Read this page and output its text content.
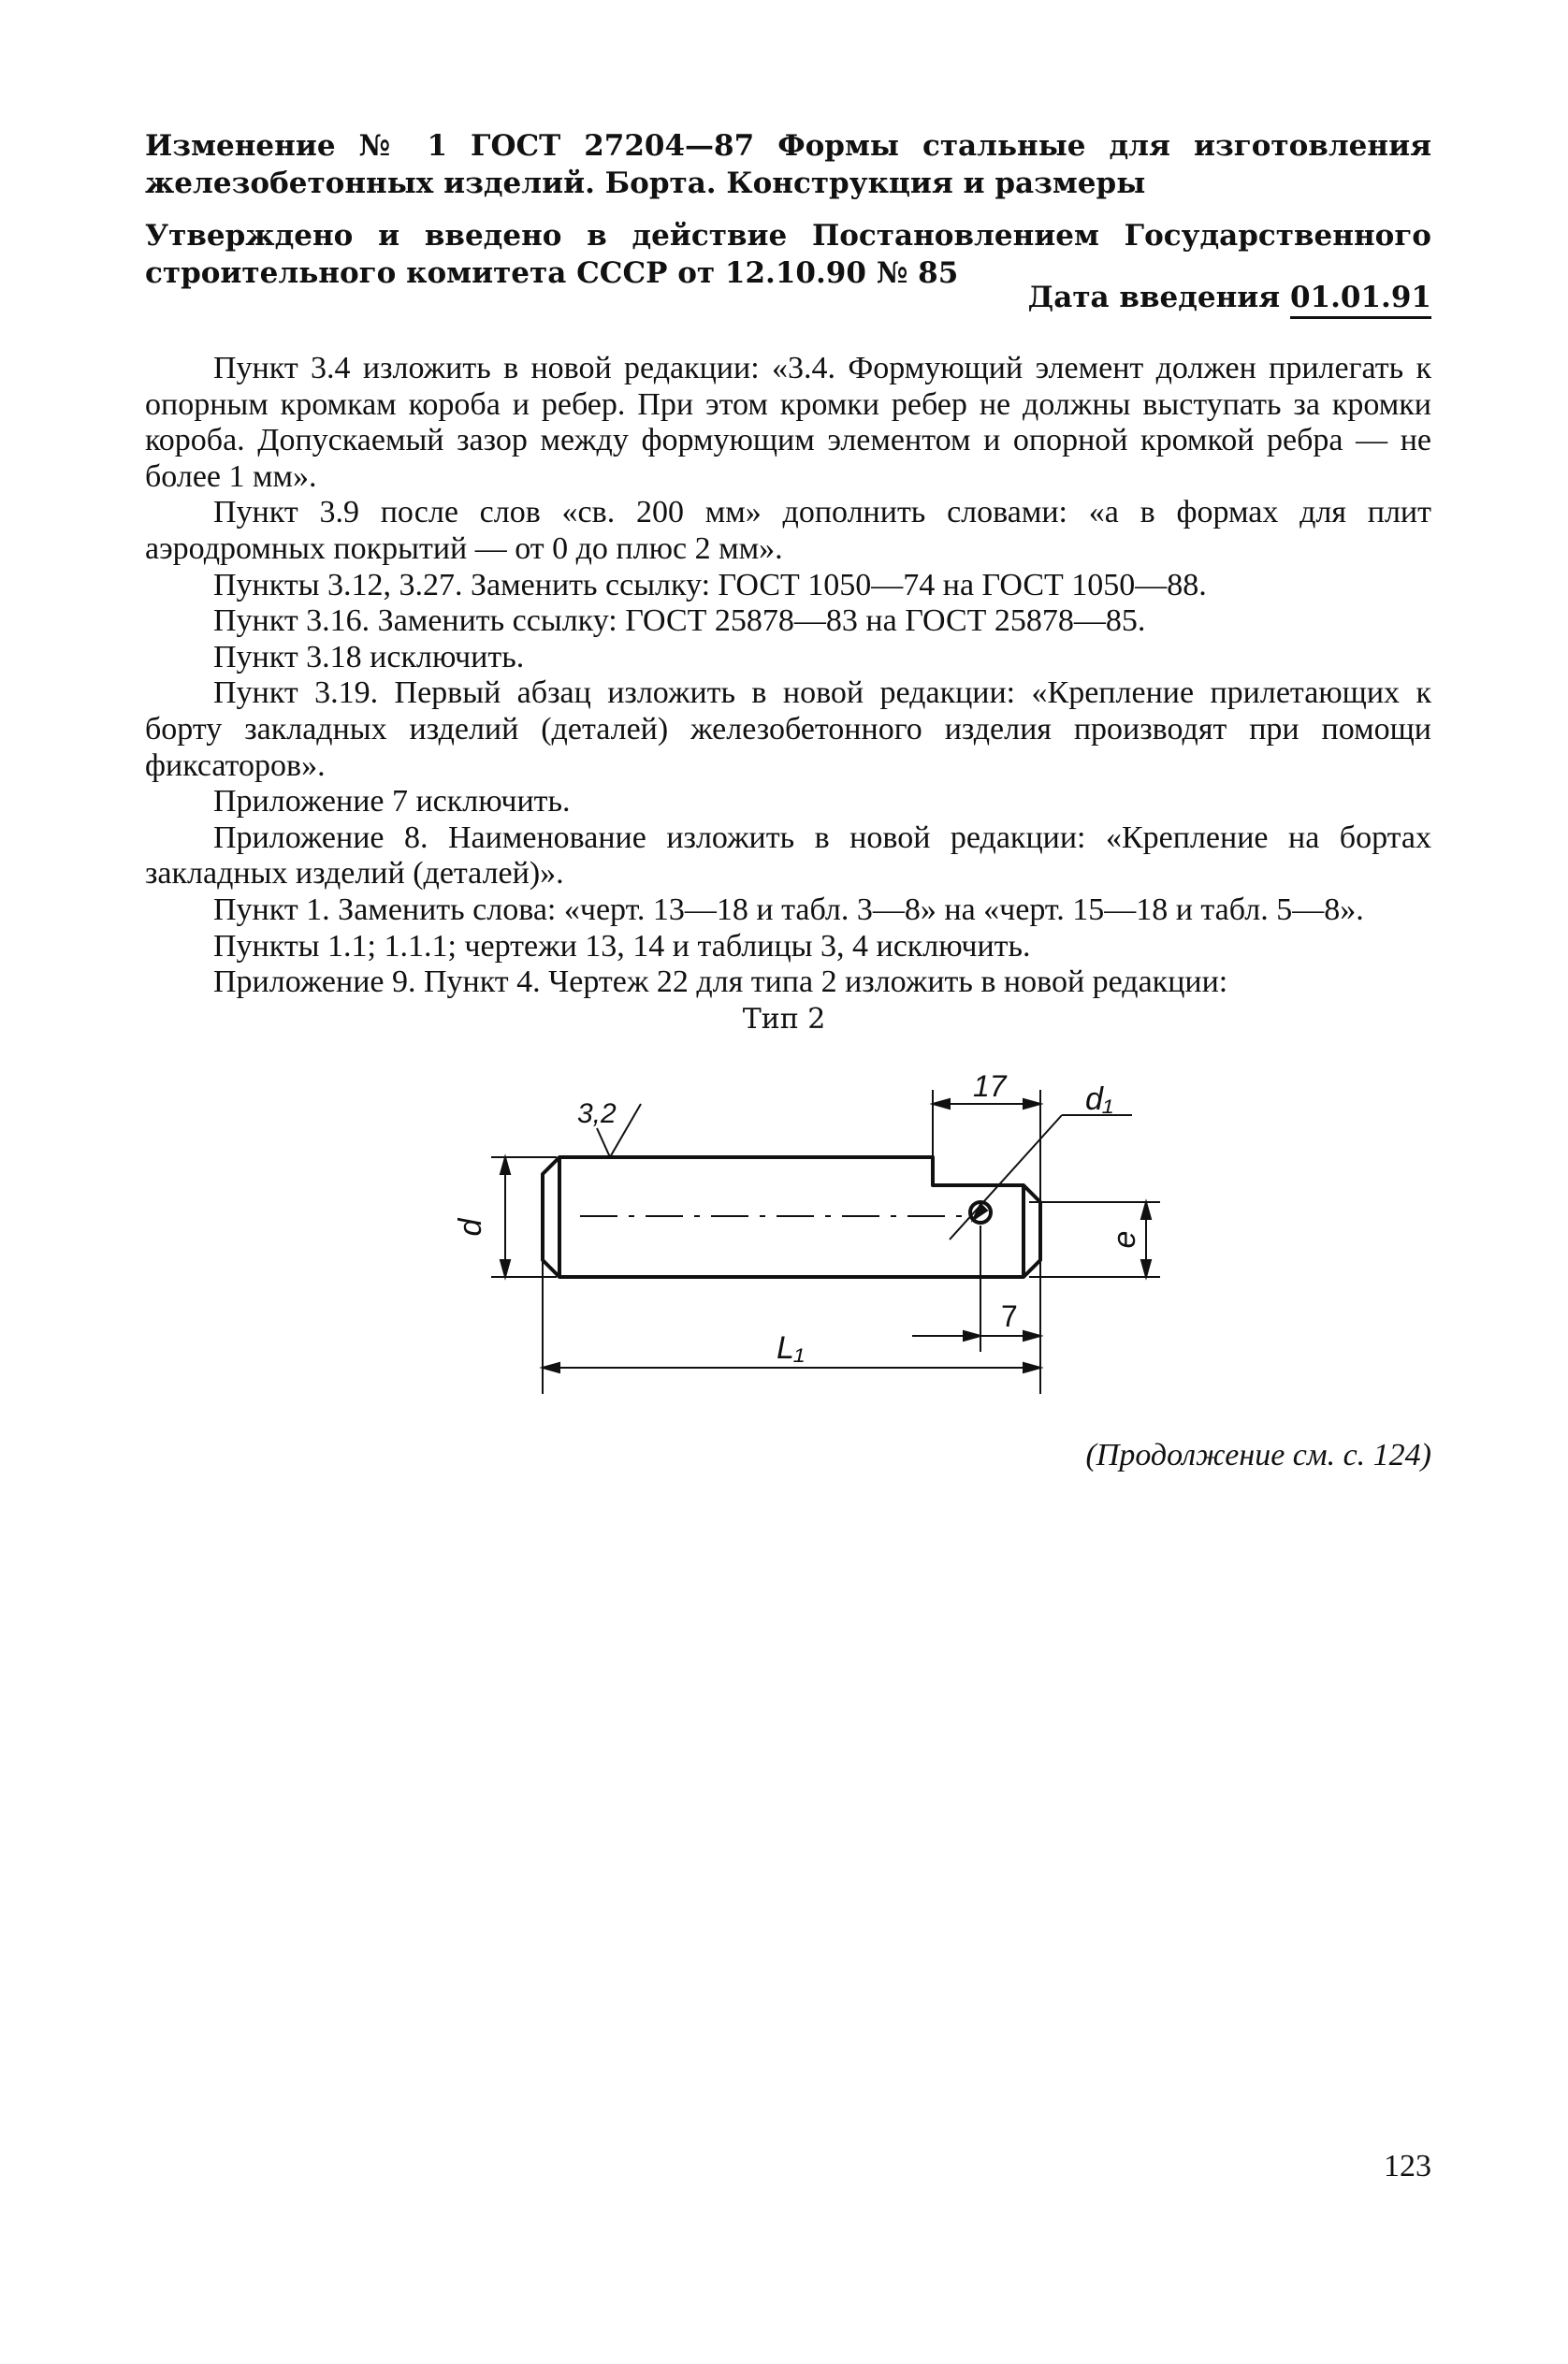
Изменение № 1 ГОСТ 27204—87 Формы стальные для изготовления железобетонных изделий. Борта. Конструкция и размеры
Утверждено и введено в действие Постановлением Государственного строительного комитета СССР от 12.10.90 № 85
Дата введения 01.01.91

Пункт 3.4 изложить в новой редакции: «3.4. Формующий элемент должен прилегать к опорным кромкам короба и ребер. При этом кромки ребер не должны выступать за кромки короба. Допускаемый зазор между формующим элементом и опорной кромкой ребра — не более 1 мм».

Пункт 3.9 после слов «св. 200 мм» дополнить словами: «а в формах для плит аэродромных покрытий — от 0 до плюс 2 мм».

Пункты 3.12, 3.27. Заменить ссылку: ГОСТ 1050—74 на ГОСТ 1050—88.

Пункт 3.16. Заменить ссылку: ГОСТ 25878—83 на ГОСТ 25878—85.

Пункт 3.18 исключить.

Пункт 3.19. Первый абзац изложить в новой редакции: «Крепление прилетающих к борту закладных изделий (деталей) железобетонного изделия производят при помощи фиксаторов».

Приложение 7 исключить.

Приложение 8. Наименование изложить в новой редакции: «Крепление на бортах закладных изделий (деталей)».

Пункт 1. Заменить слова: «черт. 13—18 и табл. 3—8» на «черт. 15—18 и табл. 5—8».

Пункты 1.1; 1.1.1; чертежи 13, 14 и таблицы 3, 4 исключить.

Приложение 9. Пункт 4. Чертеж 22 для типа 2 изложить в новой редакции:

Тип 2
3,2
17 d₁
d
e
7
L₁
(Продолжение см. с. 124)
123
